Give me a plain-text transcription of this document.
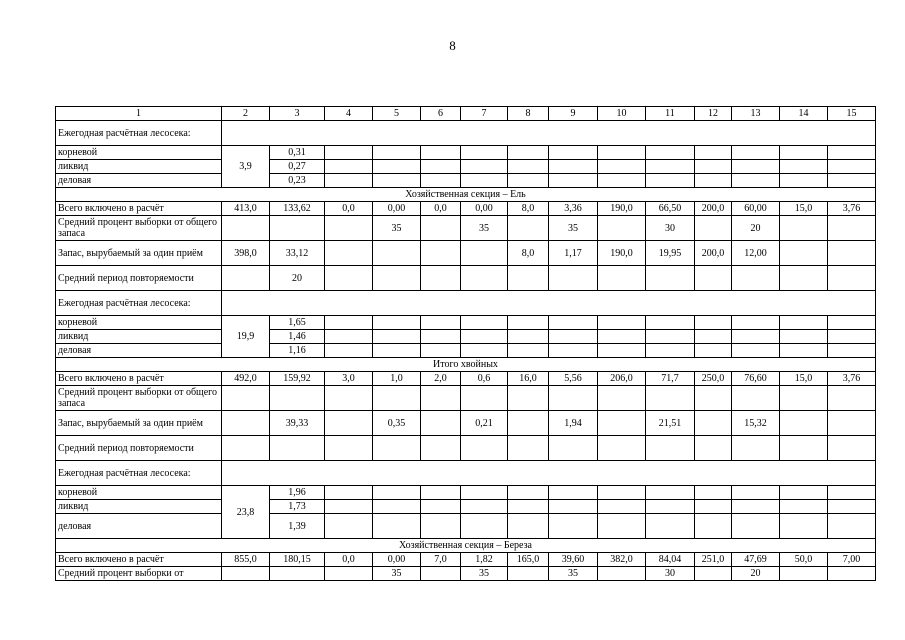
8
1	2	3	4	5	6	7	8	9	10	11	12	13	14	15
Ежегодная расчётная лесосека:														
корневой	3,9	0,31												
ликвид		0,27												
деловая		0,23												
Хозяйственная секция – Ель														
Всего включено в расчёт	413,0	133,62	0,0	0,00	0,0	0,00	8,0	3,36	190,0	66,50	200,0	60,00	15,0	3,76
Средний процент выборки от общего запаса				35		35		35		30		20		
Запас, вырубаемый за один приём	398,0	33,12					8,0	1,17	190,0	19,95	200,0	12,00		
Средний период повторяемости		20												
Ежегодная расчётная лесосека:														
корневой	19,9	1,65												
ликвид		1,46												
деловая		1,16												
Итого хвойных														
Всего включено в расчёт	492,0	159,92	3,0	1,0	2,0	0,6	16,0	5,56	206,0	71,7	250,0	76,60	15,0	3,76
Средний процент выборки от общего запаса														
Запас, вырубаемый за один приём		39,33		0,35		0,21		1,94		21,51		15,32		
Средний период повторяемости														
Ежегодная расчётная лесосека:														
корневой	23,8	1,96												
ликвид		1,73												
деловая		1,39												
Хозяйственная секция – Береза														
Всего включено в расчёт	855,0	180,15	0,0	0,00	7,0	1,82	165,0	39,60	382,0	84,04	251,0	47,69	50,0	7,00
Средний процент выборки от				35		35		35		30		20		
